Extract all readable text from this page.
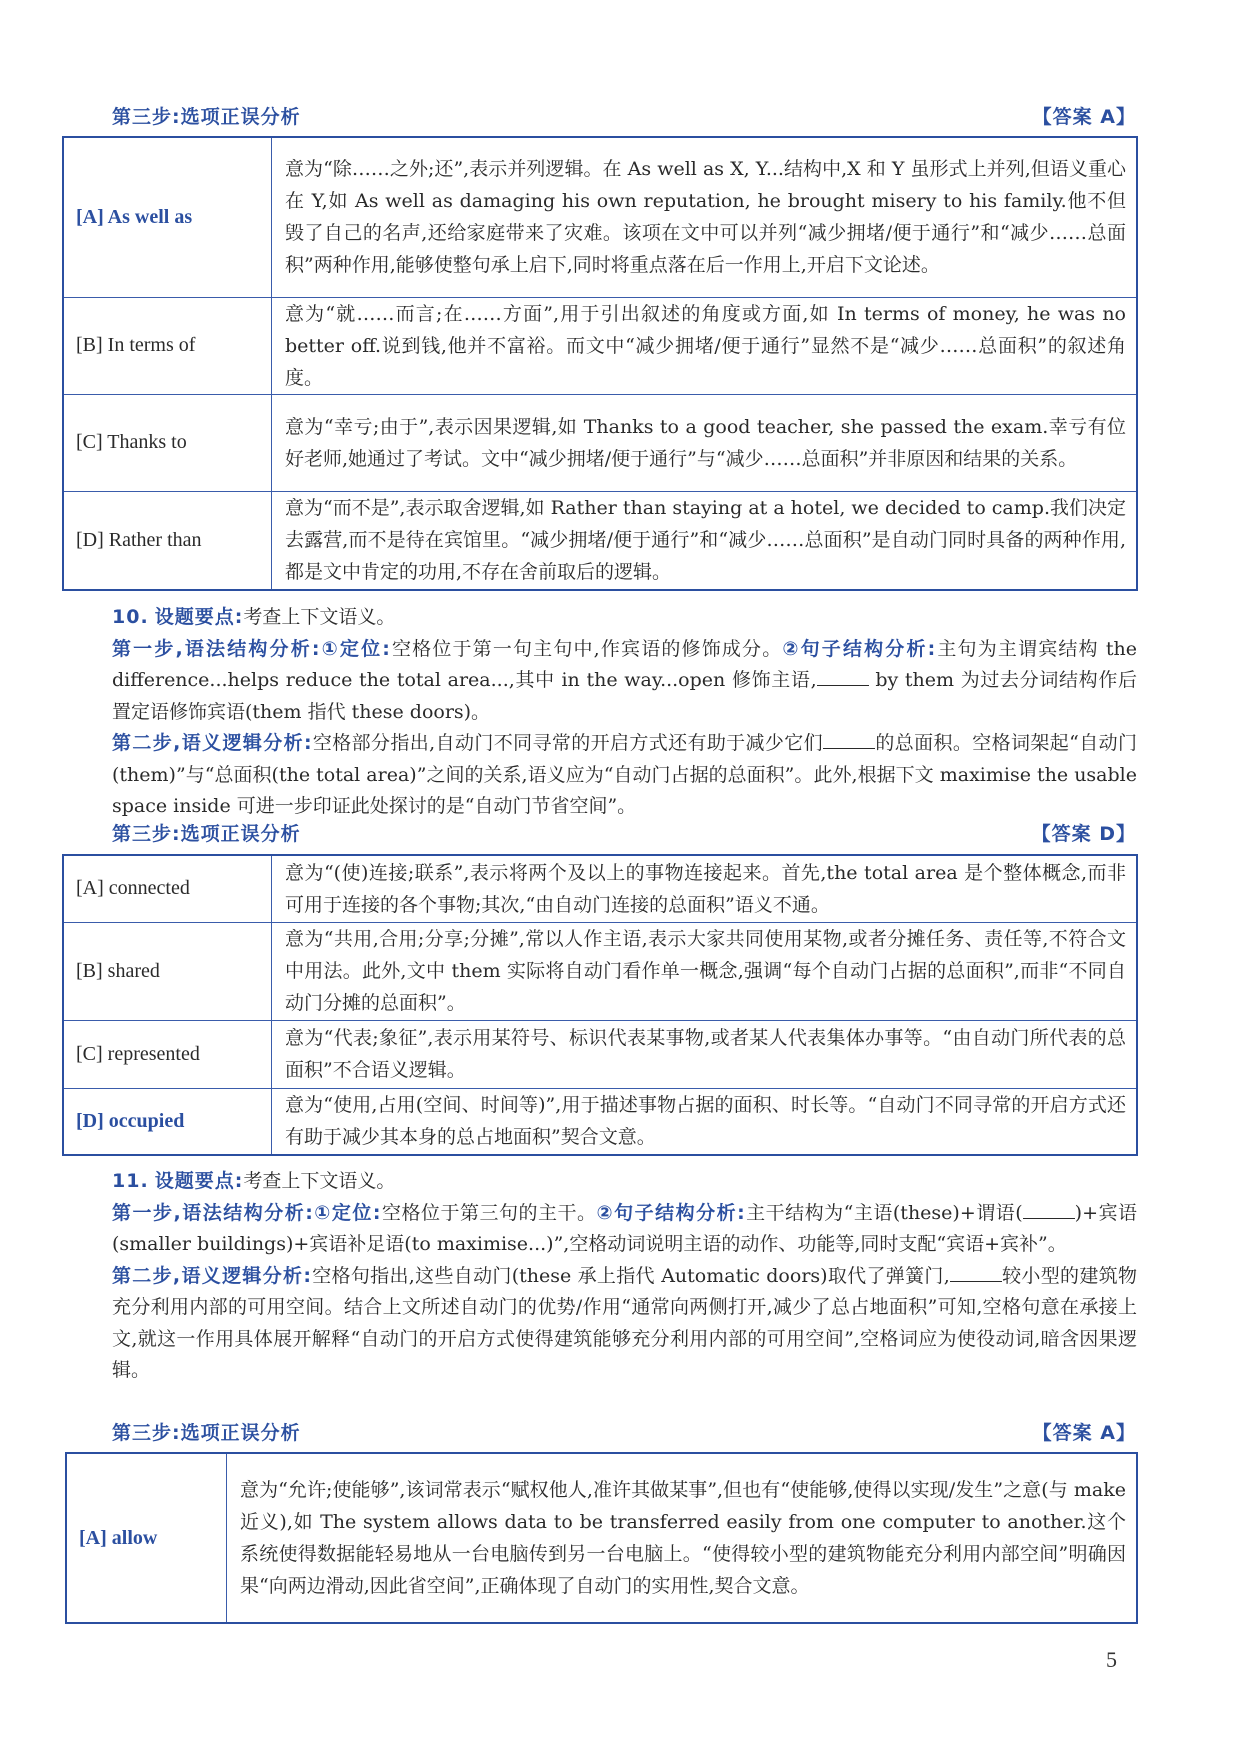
第三步:选项正误分析	【答案 A】
[A] As well as	意为“除……之外;还”,表示并列逻辑。在 As well as X, Y...结构中,X 和 Y 虽形式上并列,但语义重心在 Y,如 As well as damaging his own reputation, he brought misery to his family.他不但毁了自己的名声,还给家庭带来了灾难。该项在文中可以并列“减少拥堵/便于通行”和“减少……总面积”两种作用,能够使整句承上启下,同时将重点落在后一作用上,开启下文论述。
[B] In terms of	意为“就……而言;在……方面”,用于引出叙述的角度或方面,如 In terms of money, he was no better off.说到钱,他并不富裕。而文中“减少拥堵/便于通行”显然不是“减少……总面积”的叙述角度。
[C] Thanks to	意为“幸亏;由于”,表示因果逻辑,如 Thanks to a good teacher, she passed the exam.幸亏有位好老师,她通过了考试。文中“减少拥堵/便于通行”与“减少……总面积”并非原因和结果的关系。
[D] Rather than	意为“而不是”,表示取舍逻辑,如 Rather than staying at a hotel, we decided to camp.我们决定去露营,而不是待在宾馆里。“减少拥堵/便于通行”和“减少……总面积”是自动门同时具备的两种作用,都是文中肯定的功用,不存在舍前取后的逻辑。

10. 设题要点:考查上下文语义。

第一步,语法结构分析:①定位:空格位于第一句主句中,作宾语的修饰成分。②句子结构分析:主句为主谓宾结构 the difference...helps reduce the total area...,其中 in the way...open 修饰主语,	by them 为过去分词结构作后置定语修饰宾语(them 指代 these doors)。

第二步,语义逻辑分析:空格部分指出,自动门不同寻常的开启方式还有助于减少它们	的总面积。空格词架起“自动门(them)”与“总面积(the total area)”之间的关系,语义应为“自动门占据的总面积”。此外,根据下文 maximise the usable space inside 可进一步印证此处探讨的是“自动门节省空间”。

第三步:选项正误分析	【答案 D】
[A] connected	意为“(使)连接;联系”,表示将两个及以上的事物连接起来。首先,the total area 是个整体概念,而非可用于连接的各个事物;其次,“由自动门连接的总面积”语义不通。
[B] shared	意为“共用,合用;分享;分摊”,常以人作主语,表示大家共同使用某物,或者分摊任务、责任等,不符合文中用法。此外,文中 them 实际将自动门看作单一概念,强调“每个自动门占据的总面积”,而非“不同自动门分摊的总面积”。
[C] represented	意为“代表;象征”,表示用某符号、标识代表某事物,或者某人代表集体办事等。“由自动门所代表的总面积”不合语义逻辑。
[D] occupied	意为“使用,占用(空间、时间等)”,用于描述事物占据的面积、时长等。“自动门不同寻常的开启方式还有助于减少其本身的总占地面积”契合文意。

11. 设题要点:考查上下文语义。

第一步,语法结构分析:①定位:空格位于第三句的主干。②句子结构分析:主干结构为“主语(these)+谓语(	)+宾语(smaller buildings)+宾语补足语(to maximise...)”,空格动词说明主语的动作、功能等,同时支配“宾语+宾补”。

第二步,语义逻辑分析:空格句指出,这些自动门(these 承上指代 Automatic doors)取代了弹簧门,	较小型的建筑物充分利用内部的可用空间。结合上文所述自动门的优势/作用“通常向两侧打开,减少了总占地面积”可知,空格句意在承接上文,就这一作用具体展开解释“自动门的开启方式使得建筑能够充分利用内部的可用空间”,空格词应为使役动词,暗含因果逻辑。

第三步:选项正误分析	【答案 A】
[A] allow	意为“允许;使能够”,该词常表示“赋权他人,准许其做某事”,但也有“使能够,使得以实现/发生”之意(与 make 近义),如 The system allows data to be transferred easily from one computer to another.这个系统使得数据能轻易地从一台电脑传到另一台电脑上。“使得较小型的建筑物能充分利用内部空间”明确因果“向两边滑动,因此省空间”,正确体现了自动门的实用性,契合文意。
5
